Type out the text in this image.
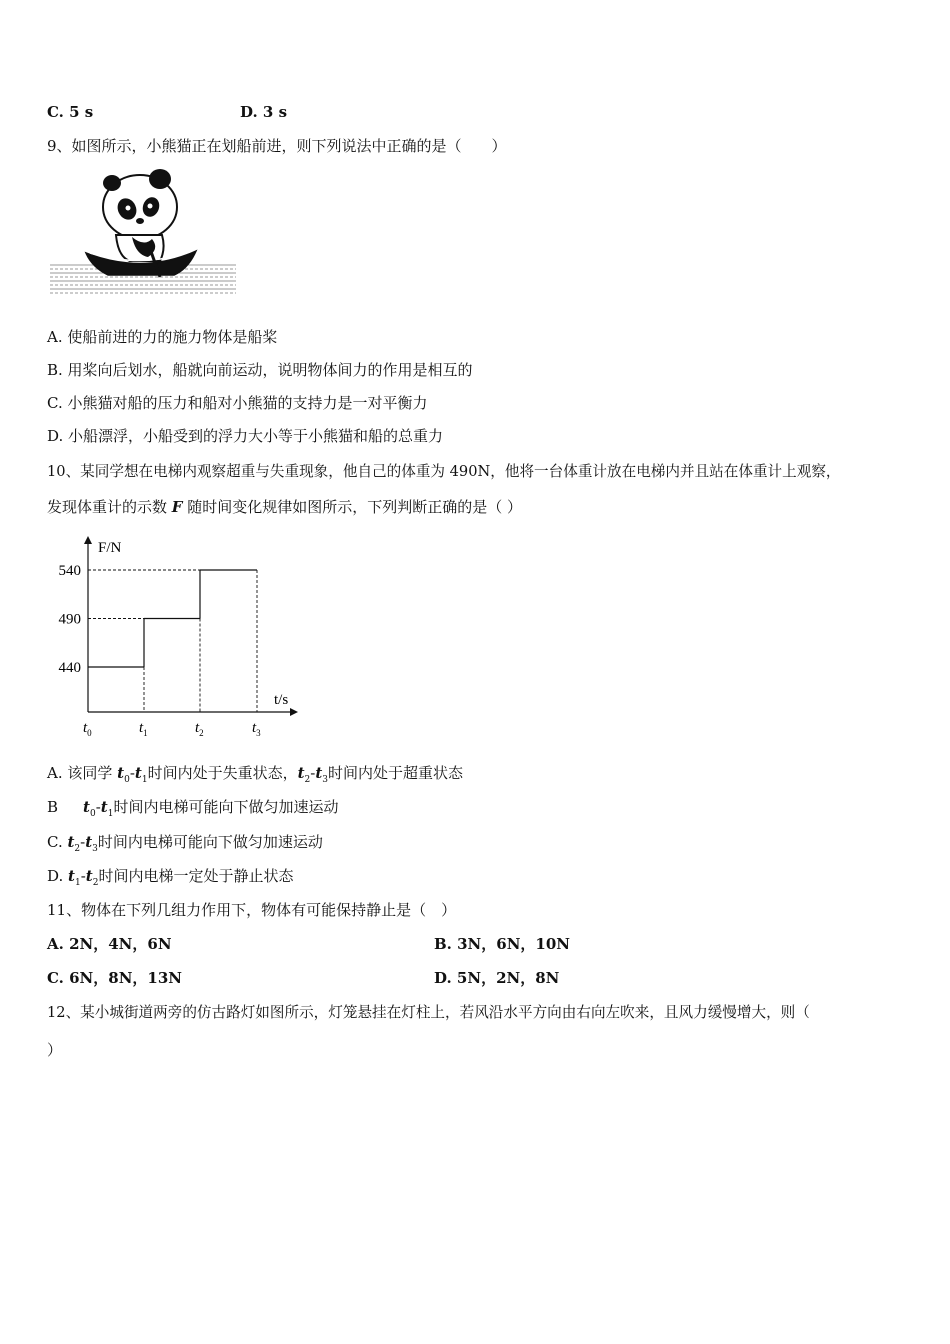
C. 5 s	D. 3 s
9、如图所示，小熊猫正在划船前进，则下列说法中正确的是（　　）
A. 使船前进的力的施力物体是船桨
B. 用桨向后划水，船就向前运动，说明物体间力的作用是相互的
C. 小熊猫对船的压力和船对小熊猫的支持力是一对平衡力
D. 小船漂浮，小船受到的浮力大小等于小熊猫和船的总重力
10、某同学想在电梯内观察超重与失重现象，他自己的体重为 490N，他将一台体重计放在电梯内并且站在体重计上观察，
发现体重计的示数 F 随时间变化规律如图所示，下列判断正确的是（ ）
F/N
t/s
540
490
440
$t_0$	$t_1$	$t_2$	$t_3$
A. 该同学 $t_0-t_1$时间内处于失重状态，$t_2-t_3$时间内处于超重状态
B　$t_0-t_1$时间内电梯可能向下做匀加速运动
C. $t_2-t_3$时间内电梯可能向下做匀加速运动
D. $t_1-t_2$时间内电梯一定处于静止状态
11、物体在下列几组力作用下，物体有可能保持静止是（　）
A. 2N，4N，6N	B. 3N，6N，10N
C. 6N，8N，13N	D. 5N，2N，8N
12、某小城街道两旁的仿古路灯如图所示，灯笼悬挂在灯柱上，若风沿水平方向由右向左吹来，且风力缓慢增大，则（
）
